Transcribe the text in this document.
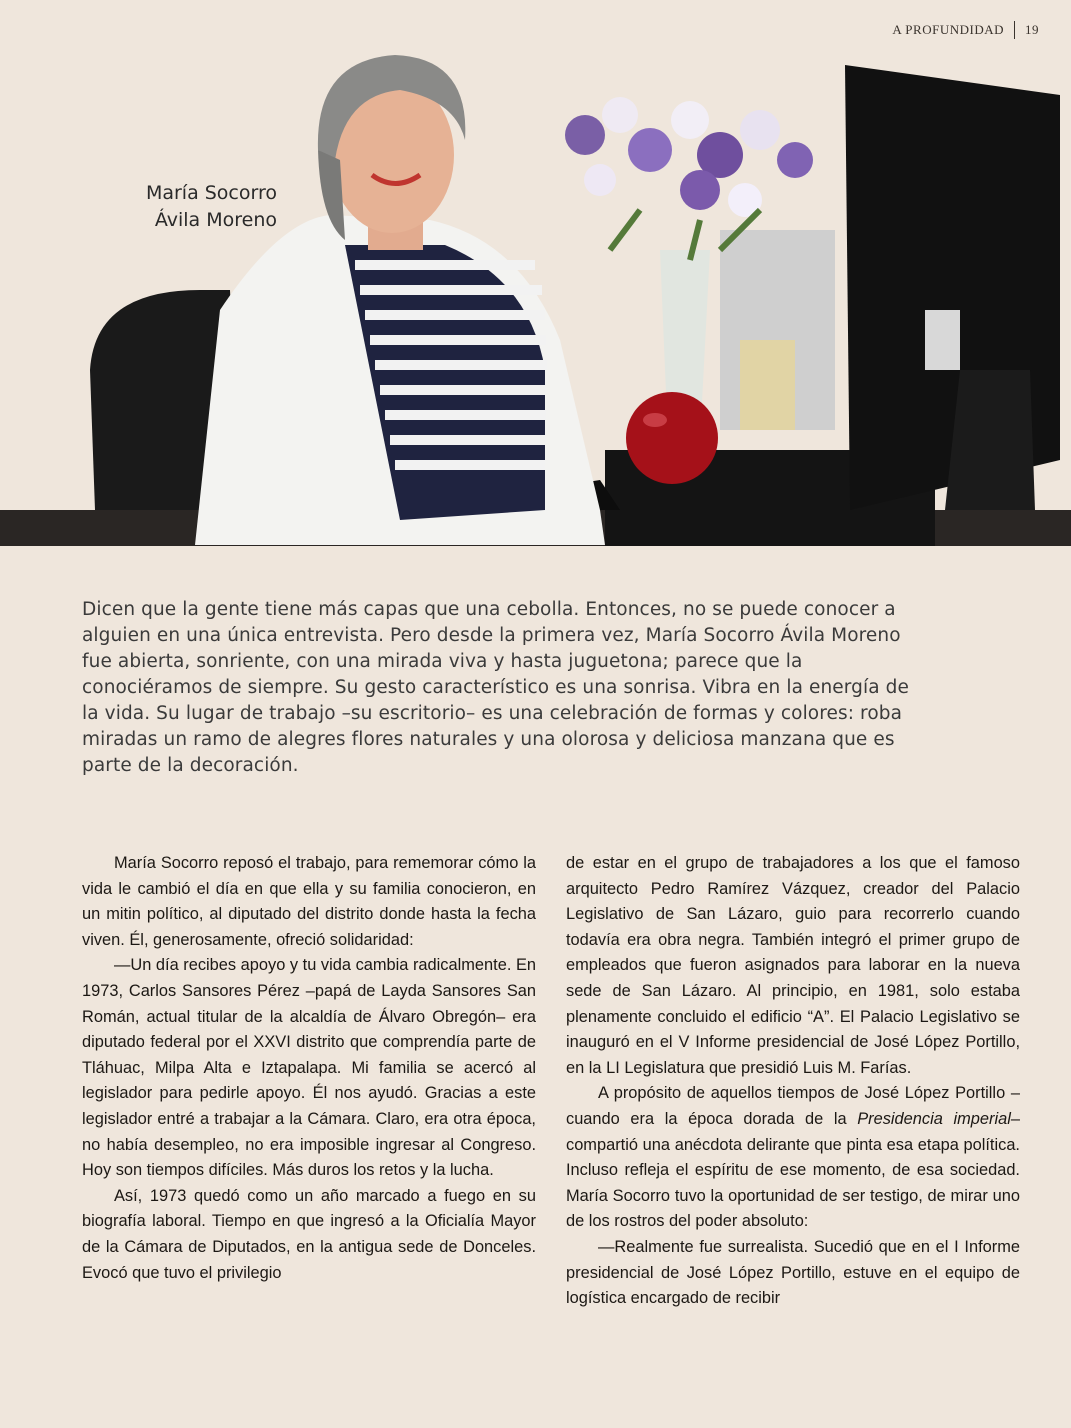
A PROFUNDIDAD 19
María Socorro
Ávila Moreno
Dicen que la gente tiene más capas que una cebolla. Entonces, no se puede conocer a alguien en una única entrevista. Pero desde la primera vez, María Socorro Ávila Moreno fue abierta, sonriente, con una mirada viva y hasta juguetona; parece que la conociéramos de siempre. Su gesto característico es una sonrisa. Vibra en la energía de la vida. Su lugar de trabajo –su escritorio– es una celebración de formas y colores: roba miradas un ramo de alegres flores naturales y una olorosa y deliciosa manzana que es parte de la decoración.

María Socorro reposó el trabajo, para rememorar cómo la vida le cambió el día en que ella y su familia conocieron, en un mitin político, al diputado del distrito donde hasta la fecha viven. Él, generosamente, ofreció solidaridad:

—Un día recibes apoyo y tu vida cambia radicalmente. En 1973, Carlos Sansores Pérez –papá de Layda Sansores San Román, actual titular de la alcaldía de Álvaro Obregón– era diputado federal por el XXVI distrito que comprendía parte de Tláhuac, Milpa Alta e Iztapalapa. Mi familia se acercó al legislador para pedirle apoyo. Él nos ayudó. Gracias a este legislador entré a trabajar a la Cámara. Claro, era otra época, no había desempleo, no era imposible ingresar al Congreso. Hoy son tiempos difíciles. Más duros los retos y la lucha.

Así, 1973 quedó como un año marcado a fuego en su biografía laboral. Tiempo en que ingresó a la Oficialía Mayor de la Cámara de Diputados, en la antigua sede de Donceles. Evocó que tuvo el privilegio

de estar en el grupo de trabajadores a los que el famoso arquitecto Pedro Ramírez Vázquez, creador del Palacio Legislativo de San Lázaro, guio para recorrerlo cuando todavía era obra negra. También integró el primer grupo de empleados que fueron asignados para laborar en la nueva sede de San Lázaro. Al principio, en 1981, solo estaba plenamente concluido el edificio “A”. El Palacio Legislativo se inauguró en el V Informe presidencial de José López Portillo, en la LI Legislatura que presidió Luis M. Farías.

A propósito de aquellos tiempos de José López Portillo –cuando era la época dorada de la Presidencia imperial– compartió una anécdota delirante que pinta esa etapa política. Incluso refleja el espíritu de ese momento, de esa sociedad. María Socorro tuvo la oportunidad de ser testigo, de mirar uno de los rostros del poder absoluto:

—Realmente fue surrealista. Sucedió que en el I Informe presidencial de José López Portillo, estuve en el equipo de logística encargado de recibir
